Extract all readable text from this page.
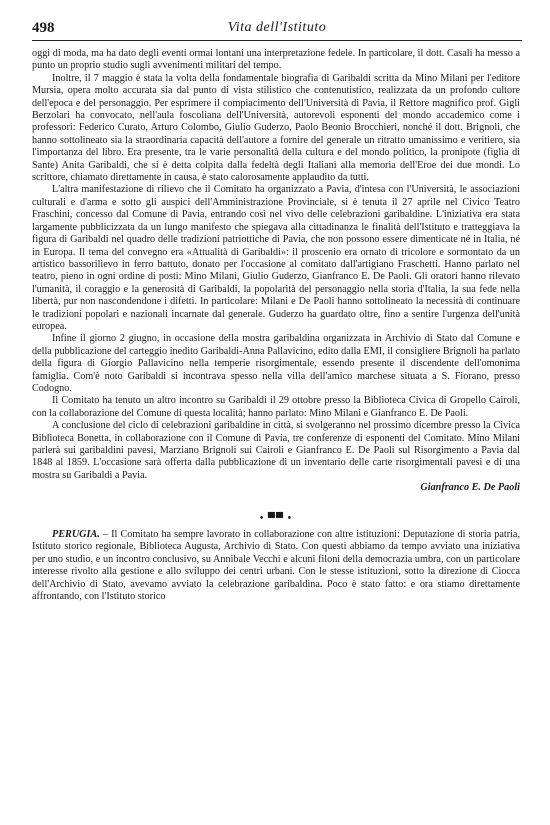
498	Vita dell'Istituto

oggi di moda, ma ha dato degli eventi ormai lontani una interpretazione fedele. In particolare, il dott. Casali ha messo a punto un proprio studio sugli avvenimenti militari del tempo.

Inoltre, il 7 maggio è stata la volta della fondamentale biografia di Garibaldi scritta da Mino Milani per l'editore Mursia, opera molto accurata sia dal punto di vista stilistico che contenutistico, realizzata da un profondo cultore dell'epoca e del personaggio. Per esprimere il compiacimento dell'Università di Pavia, il Rettore magnifico prof. Gigli Berzolari ha convocato, nell'aula foscoliana dell'Università, autorevoli esponenti del mondo accademico come i professori: Federico Curato, Arturo Colombo, Giulio Guderzo, Paolo Beonio Brocchieri, nonché il dott. Brignoli, che hanno sottolineato sia la straordinaria capacità dell'autore a fornire del generale un ritratto umanissimo e veritiero, sia l'importanza del libro. Era presente, tra le varie personalità della cultura e del mondo politico, la pronipote (figlia di Sante) Anita Garibaldi, che si è detta colpita dalla fedeltà degli Italiani alla memoria dell'Eroe dei due mondi. Lo scrittore, chiamato direttamente in causa, è stato calorosamente applaudito da tutti.

L'altra manifestazione di rilievo che il Comitato ha organizzato a Pavia, d'intesa con l'Università, le associazioni culturali e d'arma e sotto gli auspici dell'Amministrazione Provinciale, si è tenuta il 27 aprile nel Civico Teatro Fraschini, concesso dal Comune di Pavia, entrando così nel vivo delle celebrazioni garibaldine. L'iniziativa era stata largamente pubblicizzata da un lungo manifesto che spiegava alla cittadinanza le finalità dell'Istituto e tratteggiava la figura di Garibaldi nel quadro delle tradizioni patriottiche di Pavia, che non possono essere dimenticate né in Italia, né in Europa. Il tema del convegno era «Attualità di Garibaldi»: il proscenio era ornato di tricolore e sormontato da un artistico bassorilievo in ferro battuto, donato per l'occasione al comitato dall'artigiano Fraschetti. Hanno parlato nel teatro, pieno in ogni ordine di posti: Mino Milani, Giulio Guderzo, Gianfranco E. De Paoli. Gli oratori hanno rilevato l'umanità, il coraggio e la generosità di Garibaldi, la popolarità del personaggio nella storia d'Italia, la sua fede nella libertà, pur non nascondendone i difetti. In particolare: Milani e De Paoli hanno sottolineato la necessità di continuare le tradizioni popolari e nazionali incarnate dal generale. Guderzo ha guardato oltre, fino a sentire l'urgenza dell'unità europea.

Infine il giorno 2 giugno, in occasione della mostra garibaldina organizzata in Archivio di Stato dal Comune e della pubblicazione del carteggio inedito Garibaldi-Anna Pallavicino, edito dalla EMI, il consigliere Brignoli ha parlato della figura di Giorgio Pallavicino nella temperie risorgimentale, essendo presente il discendente dell'omonima famiglia. Com'è noto Garibaldi si incontrava spesso nella villa dell'amico marchese situata a S. Fiorano, presso Codogno.

Il Comitato ha tenuto un altro incontro su Garibaldi il 29 ottobre presso la Biblioteca Civica di Gropello Cairoli, con la collaborazione del Comune di questa località; hanno parlato: Mino Milani e Gianfranco E. De Paoli.

A conclusione del ciclo di celebrazioni garibaldine in città, si svolgeranno nel prossimo dicembre presso la Civica Biblioteca Bonetta, in collaborazione con il Comune di Pavia, tre conferenze di esponenti del Comitato. Mino Milani parlerà sui garibaldini pavesi, Marziano Brignoli sui Cairoli e Gianfranco E. De Paoli sul Risorgimento a Pavia dal 1848 al 1859. L'occasione sarà offerta dalla pubblicazione di un inventario delle carte risorgimentali pavesi e di una mostra su Garibaldi a Pavia.

Gianfranco E. De Paoli

• ▀▀ •

PERUGIA. – Il Comitato ha sempre lavorato in collaborazione con altre istituzioni: Deputazione di storia patria, Istituto storico regionale, Biblioteca Augusta, Archivio di Stato. Con questi abbiamo da tempo avviato una iniziativa per uno studio, e un incontro conclusivo, su Annibale Vecchi e alcuni filoni della democrazia umbra, con un particolare interesse rivolto alla gestione e allo sviluppo dei centri urbani. Con le stesse istituzioni, sotto la direzione di Ciocca dell'Archivio di Stato, avevamo avviato la celebrazione garibaldina. Poco è stato fatto: e ora stiamo direttamente affrontando, con l'Istituto storico
